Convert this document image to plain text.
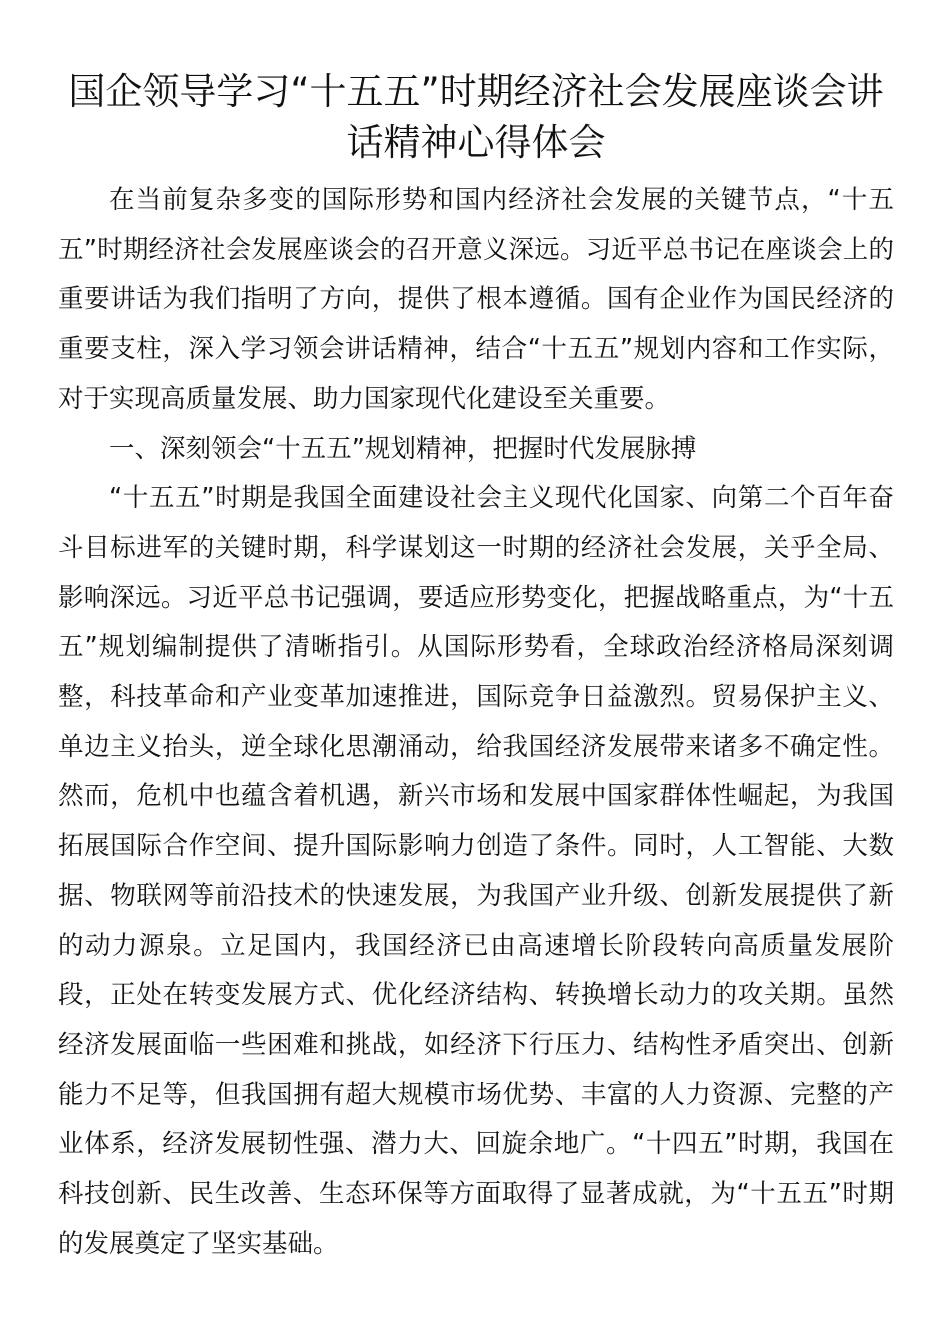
国企领导学习“十五五”时期经济社会发展座谈会讲话精神心得体会

在当前复杂多变的国际形势和国内经济社会发展的关键节点，“十五五”时期经济社会发展座谈会的召开意义深远。习近平总书记在座谈会上的重要讲话为我们指明了方向，提供了根本遵循。国有企业作为国民经济的重要支柱，深入学习领会讲话精神，结合“十五五”规划内容和工作实际，对于实现高质量发展、助力国家现代化建设至关重要。

一、深刻领会“十五五”规划精神，把握时代发展脉搏

“十五五”时期是我国全面建设社会主义现代化国家、向第二个百年奋斗目标进军的关键时期，科学谋划这一时期的经济社会发展，关乎全局、影响深远。习近平总书记强调，要适应形势变化，把握战略重点，为“十五五”规划编制提供了清晰指引。从国际形势看，全球政治经济格局深刻调整，科技革命和产业变革加速推进，国际竞争日益激烈。贸易保护主义、单边主义抬头，逆全球化思潮涌动，给我国经济发展带来诸多不确定性。然而，危机中也蕴含着机遇，新兴市场和发展中国家群体性崛起，为我国拓展国际合作空间、提升国际影响力创造了条件。同时，人工智能、大数据、物联网等前沿技术的快速发展，为我国产业升级、创新发展提供了新的动力源泉。立足国内，我国经济已由高速增长阶段转向高质量发展阶段，正处在转变发展方式、优化经济结构、转换增长动力的攻关期。虽然经济发展面临一些困难和挑战，如经济下行压力、结构性矛盾突出、创新能力不足等，但我国拥有超大规模市场优势、丰富的人力资源、完整的产业体系，经济发展韧性强、潜力大、回旋余地广。“十四五”时期，我国在科技创新、民生改善、生态环保等方面取得了显著成就，为“十五五”时期的发展奠定了坚实基础。
